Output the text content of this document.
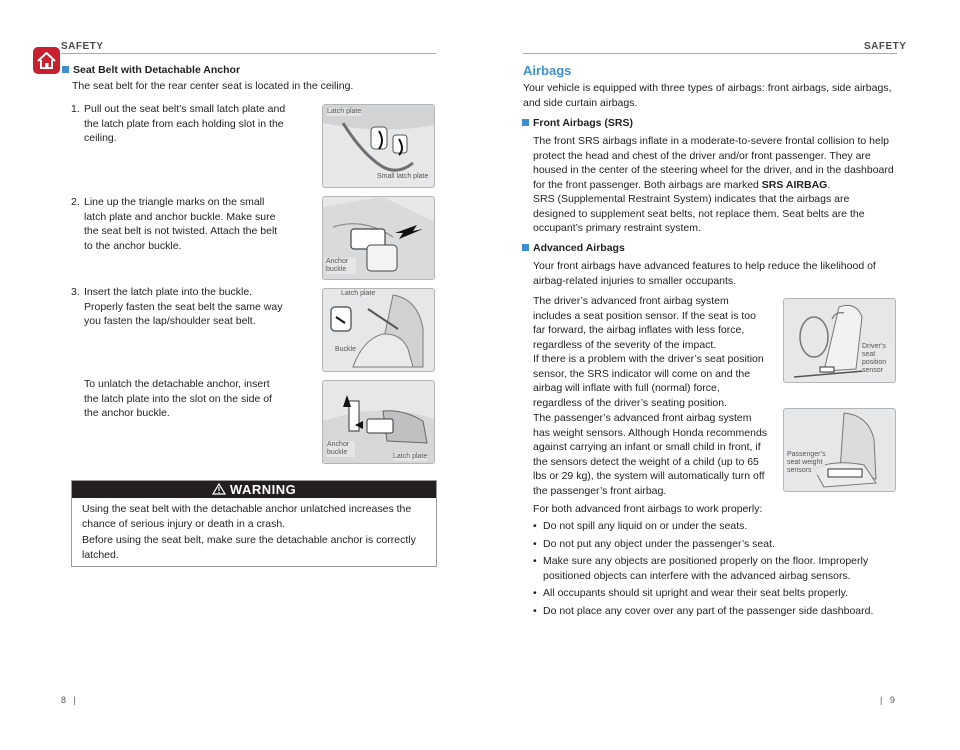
SAFETY
Seat Belt with Detachable Anchor

The seat belt for the rear center seat is located in the ceiling.

1. Pull out the seat belt’s small latch plate and the latch plate from each holding slot in the ceiling.
2. Line up the triangle marks on the small latch plate and anchor buckle. Make sure the seat belt is not twisted. Attach the belt to the anchor buckle.
3. Insert the latch plate into the buckle. Properly fasten the seat belt the same way you fasten the lap/shoulder seat belt.
To unlatch the detachable anchor, insert the latch plate into the slot on the side of the anchor buckle.
Latch plate
Small latch plate
Anchor buckle
Latch plate
Buckle
Anchor buckle
Latch plate
WARNING

Using the seat belt with the detachable anchor unlatched increases the chance of serious injury or death in a crash.

Before using the seat belt, make sure the detachable anchor is correctly latched.

8 |
SAFETY
Airbags

Your vehicle is equipped with three types of airbags: front airbags, side airbags, and side curtain airbags.

Front Airbags (SRS)

The front SRS airbags inflate in a moderate-to-severe frontal collision to help protect the head and chest of the driver and/or front passenger. They are housed in the center of the steering wheel for the driver, and in the dashboard for the front passenger. Both airbags are marked SRS AIRBAG.

SRS (Supplemental Restraint System) indicates that the airbags are designed to supplement seat belts, not replace them. Seat belts are the occupant’s primary restraint system.

Advanced Airbags

Your front airbags have advanced features to help reduce the likelihood of airbag-related injuries to smaller occupants.

The driver’s advanced front airbag system includes a seat position sensor. If the seat is too far forward, the airbag inflates with less force, regardless of the severity of the impact.

If there is a problem with the driver’s seat position sensor, the SRS indicator will come on and the airbag will inflate with full (normal) force, regardless of the driver’s seating position.

The passenger’s advanced front airbag system has weight sensors. Although Honda recommends against carrying an infant or small child in front, if the sensors detect the weight of a child (up to 65 lbs or 29 kg), the system will automatically turn off the passenger’s front airbag.

For both advanced front airbags to work properly:

• Do not spill any liquid on or under the seats.
• Do not put any object under the passenger’s seat.
• Make sure any objects are positioned properly on the floor. Improperly positioned objects can interfere with the advanced airbag sensors.
• All occupants should sit upright and wear their seat belts properly.
• Do not place any cover over any part of the passenger side dashboard.
Driver’s seat position sensor
Passenger’s seat weight sensors
| 9
